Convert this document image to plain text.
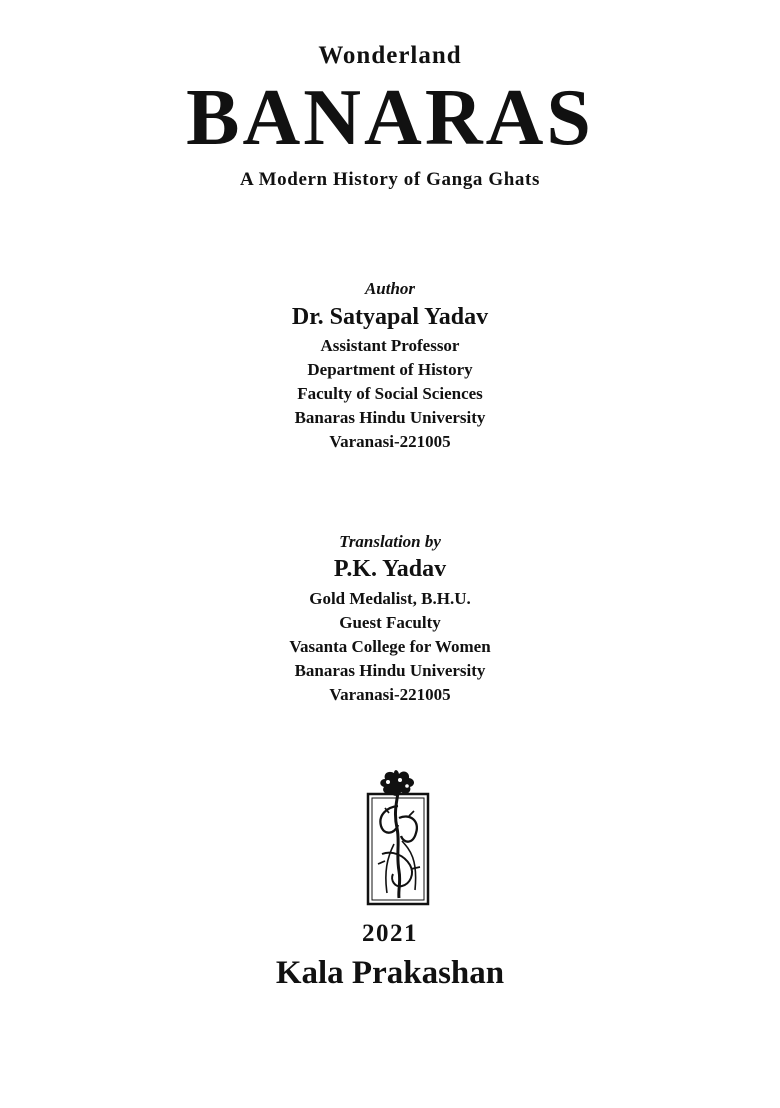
Wonderland
BANARAS
A Modern History of Ganga Ghats
Author
Dr. Satyapal Yadav
Assistant Professor
Department of History
Faculty of Social Sciences
Banaras Hindu University
Varanasi-221005
Translation by
P.K. Yadav
Gold Medalist, B.H.U.
Guest Faculty
Vasanta College for Women
Banaras Hindu University
Varanasi-221005
2021
Kala Prakashan
